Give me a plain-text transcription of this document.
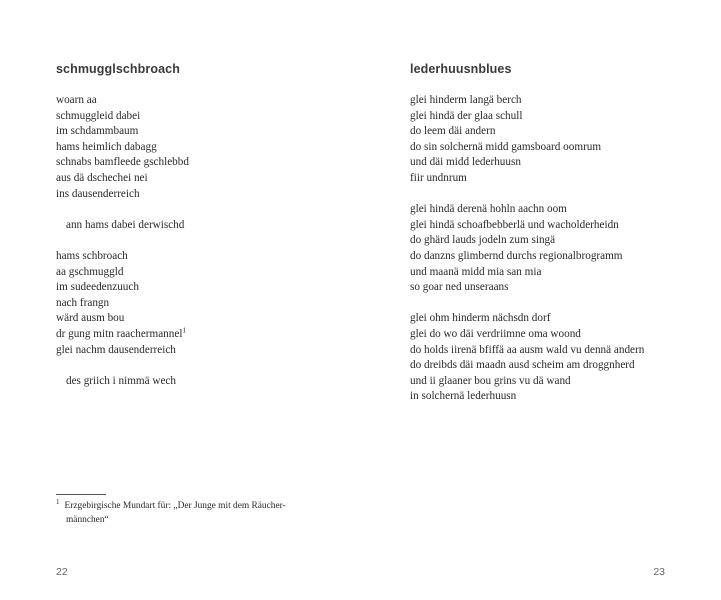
schmugglschbroach
woarn aa
schmuggleid dabei
im schdammbaum
hams heimlich dabagg
schnabs bamfleede gschlebbd
aus dä dschechei nei
ins dausenderreich
ann hams dabei derwischd
hams schbroach
aa gschmuggld
im sudeedenzuuch
nach frangn
wärd ausm bou
dr gung mitn raachermannel$^1$
glei nachm dausenderreich
des griich i nimmä wech
$^1$ Erzgebirgische Mundart für: „Der Junge mit dem Räucher-
männchen“
22
lederhuusnblues
glei hinderm langä berch
glei hindä der glaa schull
do leem däi andern
do sin solchernä midd gamsboard oomrum
und däi midd lederhuusn
fiir undnrum
glei hindä derenä hohln aachn oom
glei hindä schoafbebberlä und wacholderheidn
do ghärd lauds jodeln zum singä
do danzns glimbernd durchs regionalbrogramm
und maanä midd mia san mia
so goar ned unseraans
glei ohm hinderm nächsdn dorf
glei do wo däi verdriimne oma woond
do holds iirenä bfiffä aa ausm wald vu dennä andern
do dreibds däi maadn ausd scheim am droggnherd
und ii glaaner bou grins vu dä wand
in solchernä lederhuusn
23
